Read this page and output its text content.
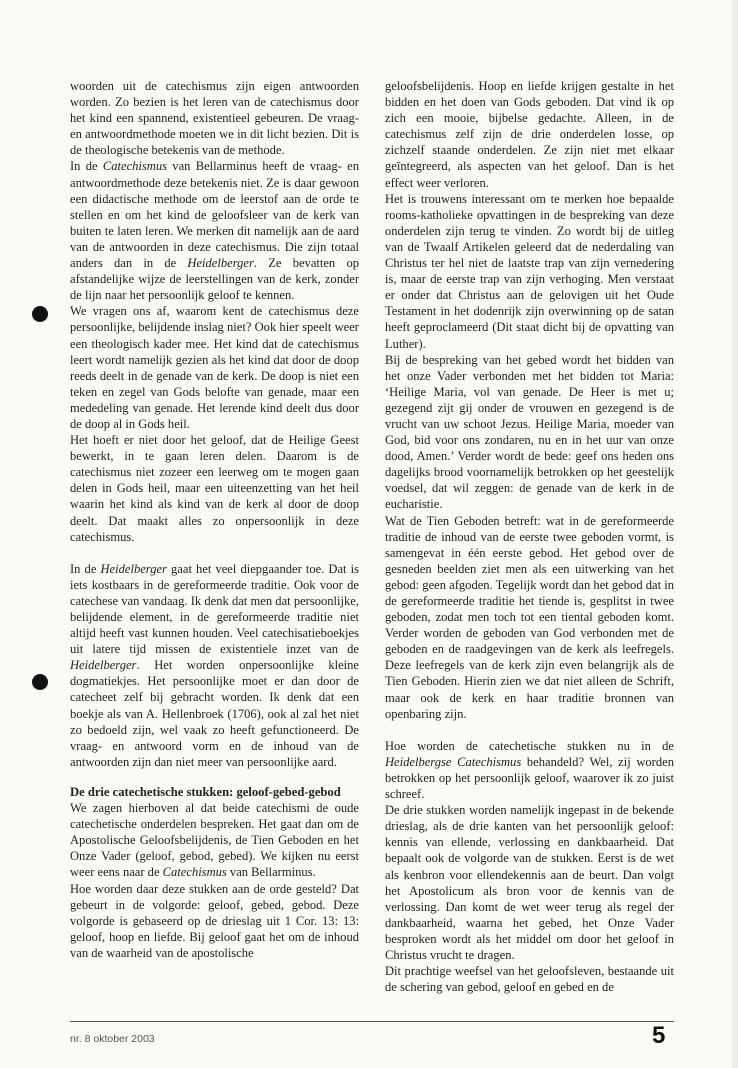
woorden uit de catechismus zijn eigen antwoorden worden. Zo bezien is het leren van de catechismus door het kind een spannend, existentieel gebeuren. De vraag- en antwoordmethode moeten we in dit licht bezien. Dit is de theologische betekenis van de methode.

In de Catechismus van Bellarminus heeft de vraag- en antwoordmethode deze betekenis niet. Ze is daar gewoon een didactische methode om de leerstof aan de orde te stellen en om het kind de geloofsleer van de kerk van buiten te laten leren. We merken dit namelijk aan de aard van de antwoorden in deze catechismus. Die zijn totaal anders dan in de Heidelberger. Ze bevatten op afstandelijke wijze de leerstellingen van de kerk, zonder de lijn naar het persoonlijk geloof te kennen.

We vragen ons af, waarom kent de catechismus deze persoonlijke, belijdende inslag niet? Ook hier speelt weer een theologisch kader mee. Het kind dat de catechismus leert wordt namelijk gezien als het kind dat door de doop reeds deelt in de genade van de kerk. De doop is niet een teken en zegel van Gods belofte van genade, maar een mededeling van genade. Het lerende kind deelt dus door de doop al in Gods heil.

Het hoeft er niet door het geloof, dat de Heilige Geest bewerkt, in te gaan leren delen. Daarom is de catechismus niet zozeer een leerweg om te mogen gaan delen in Gods heil, maar een uiteenzetting van het heil waarin het kind als kind van de kerk al door de doop deelt. Dat maakt alles zo onpersoonlijk in deze catechismus.

In de Heidelberger gaat het veel diepgaander toe. Dat is iets kostbaars in de gereformeerde traditie. Ook voor de catechese van vandaag. Ik denk dat men dat persoonlijke, belijdende element, in de gereformeerde traditie niet altijd heeft vast kunnen houden. Veel catechisatieboekjes uit latere tijd missen de existentiele inzet van de Heidelberger. Het worden onpersoonlijke kleine dogmatiekjes. Het persoonlijke moet er dan door de catecheet zelf bij gebracht worden. Ik denk dat een boekje als van A. Hellenbroek (1706), ook al zal het niet zo bedoeld zijn, wel vaak zo heeft gefunctioneerd. De vraag- en antwoord vorm en de inhoud van de antwoorden zijn dan niet meer van persoonlijke aard.

De drie catechetische stukken: geloof-gebed-gebod

We zagen hierboven al dat beide catechismi de oude catechetische onderdelen bespreken. Het gaat dan om de Apostolische Geloofsbelijdenis, de Tien Geboden en het Onze Vader (geloof, gebod, gebed). We kijken nu eerst weer eens naar de Catechismus van Bellarminus.

Hoe worden daar deze stukken aan de orde gesteld? Dat gebeurt in de volgorde: geloof, gebed, gebod. Deze volgorde is gebaseerd op de drieslag uit 1 Cor. 13: 13: geloof, hoop en liefde. Bij geloof gaat het om de inhoud van de waarheid van de apostolische

geloofsbelijdenis. Hoop en liefde krijgen gestalte in het bidden en het doen van Gods geboden. Dat vind ik op zich een mooie, bijbelse gedachte. Alleen, in de catechismus zelf zijn de drie onderdelen losse, op zichzelf staande onderdelen. Ze zijn niet met elkaar geïntegreerd, als aspecten van het geloof. Dan is het effect weer verloren.

Het is trouwens interessant om te merken hoe bepaalde rooms-katholieke opvattingen in de bespreking van deze onderdelen zijn terug te vinden. Zo wordt bij de uitleg van de Twaalf Artikelen geleerd dat de nederdaling van Christus ter hel niet de laatste trap van zijn vernedering is, maar de eerste trap van zijn verhoging. Men verstaat er onder dat Christus aan de gelovigen uit het Oude Testament in het dodenrijk zijn overwinning op de satan heeft geproclameerd (Dit staat dicht bij de opvatting van Luther).

Bij de bespreking van het gebed wordt het bidden van het onze Vader verbonden met het bidden tot Maria: ‘Heilige Maria, vol van genade. De Heer is met u; gezegend zijt gij onder de vrouwen en gezegend is de vrucht van uw schoot Jezus. Heilige Maria, moeder van God, bid voor ons zondaren, nu en in het uur van onze dood, Amen.’ Verder wordt de bede: geef ons heden ons dagelijks brood voornamelijk betrokken op het geestelijk voedsel, dat wil zeggen: de genade van de kerk in de eucharistie.

Wat de Tien Geboden betreft: wat in de gereformeerde traditie de inhoud van de eerste twee geboden vormt, is samengevat in één eerste gebod. Het gebod over de gesneden beelden ziet men als een uitwerking van het gebod: geen afgoden. Tegelijk wordt dan het gebod dat in de gereformeerde traditie het tiende is, gesplitst in twee geboden, zodat men toch tot een tiental geboden komt. Verder worden de geboden van God verbonden met de geboden en de raadgevingen van de kerk als leefregels. Deze leefregels van de kerk zijn even belangrijk als de Tien Geboden. Hierin zien we dat niet alleen de Schrift, maar ook de kerk en haar traditie bronnen van openbaring zijn.

Hoe worden de catechetische stukken nu in de Heidelbergse Catechismus behandeld? Wel, zij worden betrokken op het persoonlijk geloof, waarover ik zo juist schreef.

De drie stukken worden namelijk ingepast in de bekende drieslag, als de drie kanten van het persoonlijk geloof: kennis van ellende, verlossing en dankbaarheid. Dat bepaalt ook de volgorde van de stukken. Eerst is de wet als kenbron voor ellendekennis aan de beurt. Dan volgt het Apostolicum als bron voor de kennis van de verlossing. Dan komt de wet weer terug als regel der dankbaarheid, waarna het gebed, het Onze Vader besproken wordt als het middel om door het geloof in Christus vrucht te dragen.

Dit prachtige weefsel van het geloofsleven, bestaande uit de schering van gebod, geloof en gebed en de

nr. 8 oktober 2003	5
